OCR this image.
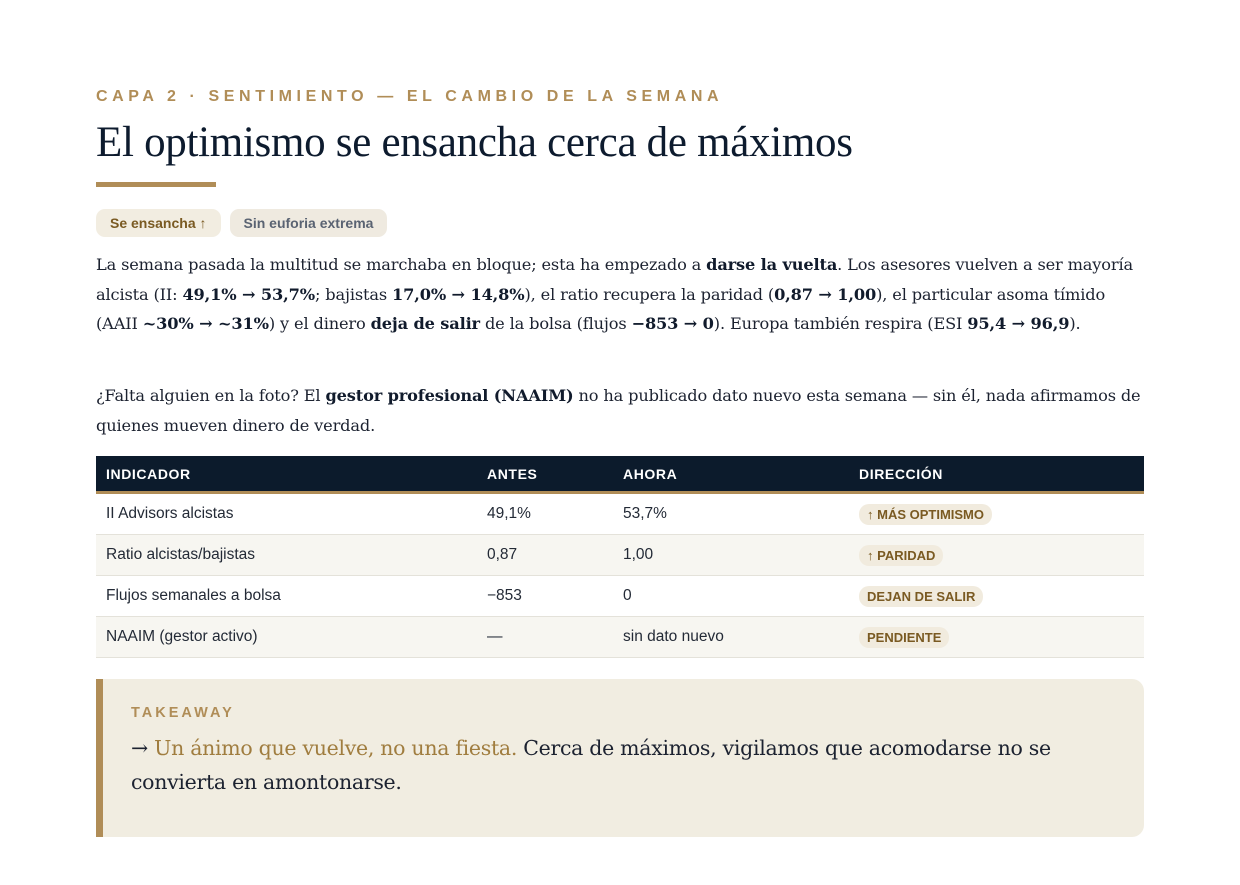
CAPA 2 · SENTIMIENTO — EL CAMBIO DE LA SEMANA
El optimismo se ensancha cerca de máximos
Se ensancha ↑	Sin euforia extrema

La semana pasada la multitud se marchaba en bloque; esta ha empezado a darse la vuelta. Los asesores vuelven a ser mayoría alcista (II: 49,1% → 53,7%; bajistas 17,0% → 14,8%), el ratio recupera la paridad (0,87 → 1,00), el particular asoma tímido (AAII ~30% → ~31%) y el dinero deja de salir de la bolsa (flujos −853 → 0). Europa también respira (ESI 95,4 → 96,9).

¿Falta alguien en la foto? El gestor profesional (NAAIM) no ha publicado dato nuevo esta semana — sin él, nada afirmamos de quienes mueven dinero de verdad.

INDICADOR	ANTES	AHORA	DIRECCIÓN
II Advisors alcistas	49,1%	53,7%	↑ MÁS OPTIMISMO
Ratio alcistas/bajistas	0,87	1,00	↑ PARIDAD
Flujos semanales a bolsa	−853	0	DEJAN DE SALIR
NAAIM (gestor activo)	—	sin dato nuevo	PENDIENTE
TAKEAWAY

→ Un ánimo que vuelve, no una fiesta. Cerca de máximos, vigilamos que acomodarse no se convierta en amontonarse.
